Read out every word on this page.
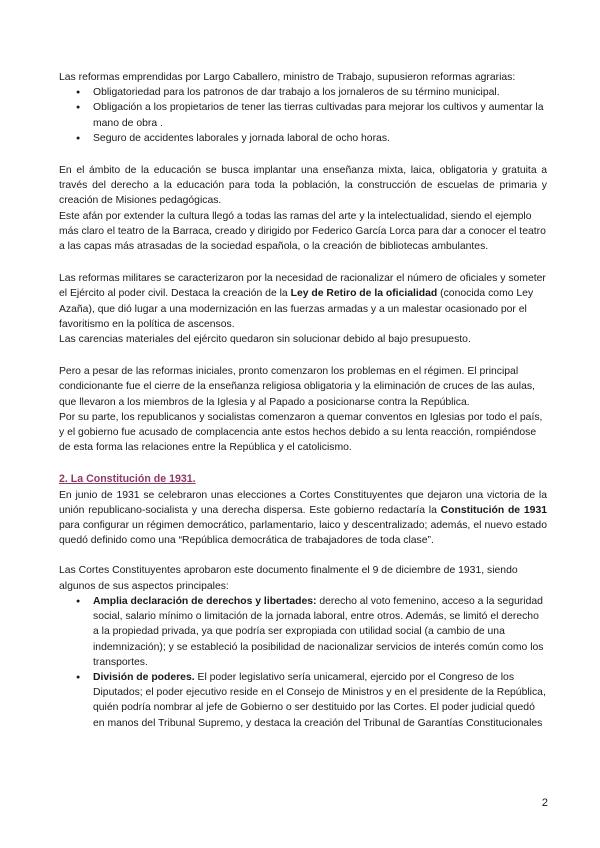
Las reformas emprendidas por Largo Caballero, ministro de Trabajo, supusieron reformas agrarias:

● Obligatoriedad para los patronos de dar trabajo a los jornaleros de su término municipal.
● Obligación a los propietarios de tener las tierras cultivadas para mejorar los cultivos y aumentar la mano de obra .
● Seguro de accidentes laborales y jornada laboral de ocho horas.

En el ámbito de la educación se busca implantar una enseñanza mixta, laica, obligatoria y gratuita a través del derecho a la educación para toda la población, la construcción de escuelas de primaria y creación de Misiones pedagógicas.

Este afán por extender la cultura llegó a todas las ramas del arte y la intelectualidad, siendo el ejemplo más claro el teatro de la Barraca, creado y dirigido por Federico García Lorca para dar a conocer el teatro a las capas más atrasadas de la sociedad española, o la creación de bibliotecas ambulantes.

Las reformas militares se caracterizaron por la necesidad de racionalizar el número de oficiales y someter el Ejército al poder civil. Destaca la creación de la Ley de Retiro de la oficialidad (conocida como Ley Azaña), que dió lugar a una modernización en las fuerzas armadas y a un malestar ocasionado por el favoritismo en la política de ascensos.

Las carencias materiales del ejército quedaron sin solucionar debido al bajo presupuesto.

Pero a pesar de las reformas iniciales, pronto comenzaron los problemas en el régimen. El principal condicionante fue el cierre de la enseñanza religiosa obligatoria y la eliminación de cruces de las aulas, que llevaron a los miembros de la Iglesia y al Papado a posicionarse contra la República.

Por su parte, los republicanos y socialistas comenzaron a quemar conventos en Iglesias por todo el país, y el gobierno fue acusado de complacencia ante estos hechos debido a su lenta reacción, rompiéndose de esta forma las relaciones entre la República y el catolicismo.

2. La Constitución de 1931.

En junio de 1931 se celebraron unas elecciones a Cortes Constituyentes que dejaron una victoria de la unión republicano-socialista y una derecha dispersa. Este gobierno redactaría la Constitución de 1931 para configurar un régimen democrático, parlamentario, laico y descentralizado; además, el nuevo estado quedó definido como una “República democrática de trabajadores de toda clase”.

Las Cortes Constituyentes aprobaron este documento finalmente el 9 de diciembre de 1931, siendo algunos de sus aspectos principales:

● Amplia declaración de derechos y libertades: derecho al voto femenino, acceso a la seguridad social, salario mínimo o limitación de la jornada laboral, entre otros. Además, se limitó el derecho a la propiedad privada, ya que podría ser expropiada con utilidad social (a cambio de una indemnización); y se estableció la posibilidad de nacionalizar servicios de interés común como los transportes.
● División de poderes. El poder legislativo sería unicameral, ejercido por el Congreso de los Diputados; el poder ejecutivo reside en el Consejo de Ministros y en el presidente de la República, quién podría nombrar al jefe de Gobierno o ser destituido por las Cortes. El poder judicial quedó en manos del Tribunal Supremo, y destaca la creación del Tribunal de Garantías Constitucionales
2
